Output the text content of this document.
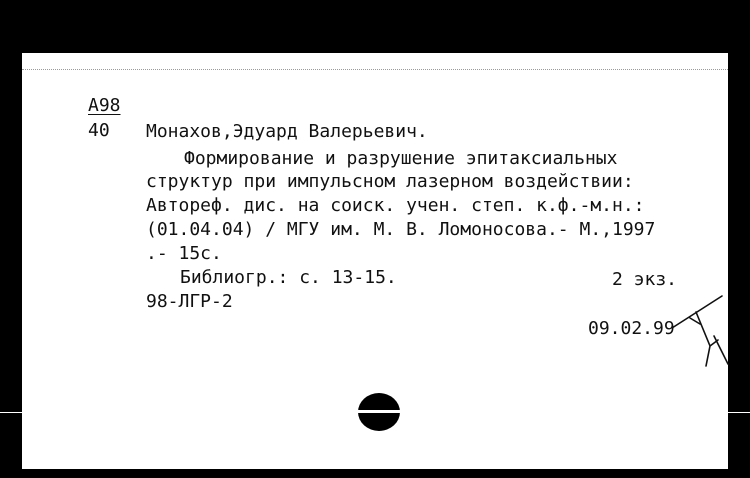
А98
40 Монахов,Эдуард Валерьевич.
Формирование и разрушение эпитаксиальных
структур при импульсном лазерном воздействии:
Автореф. дис. на соиск. учен. степ. к.ф.-м.н.:
(01.04.04) / МГУ им. М. В. Ломоносова.- М.,1997
.- 15с.
Библиогр.: с. 13-15.	2 экз.
98-ЛГР-2
09.02.99
